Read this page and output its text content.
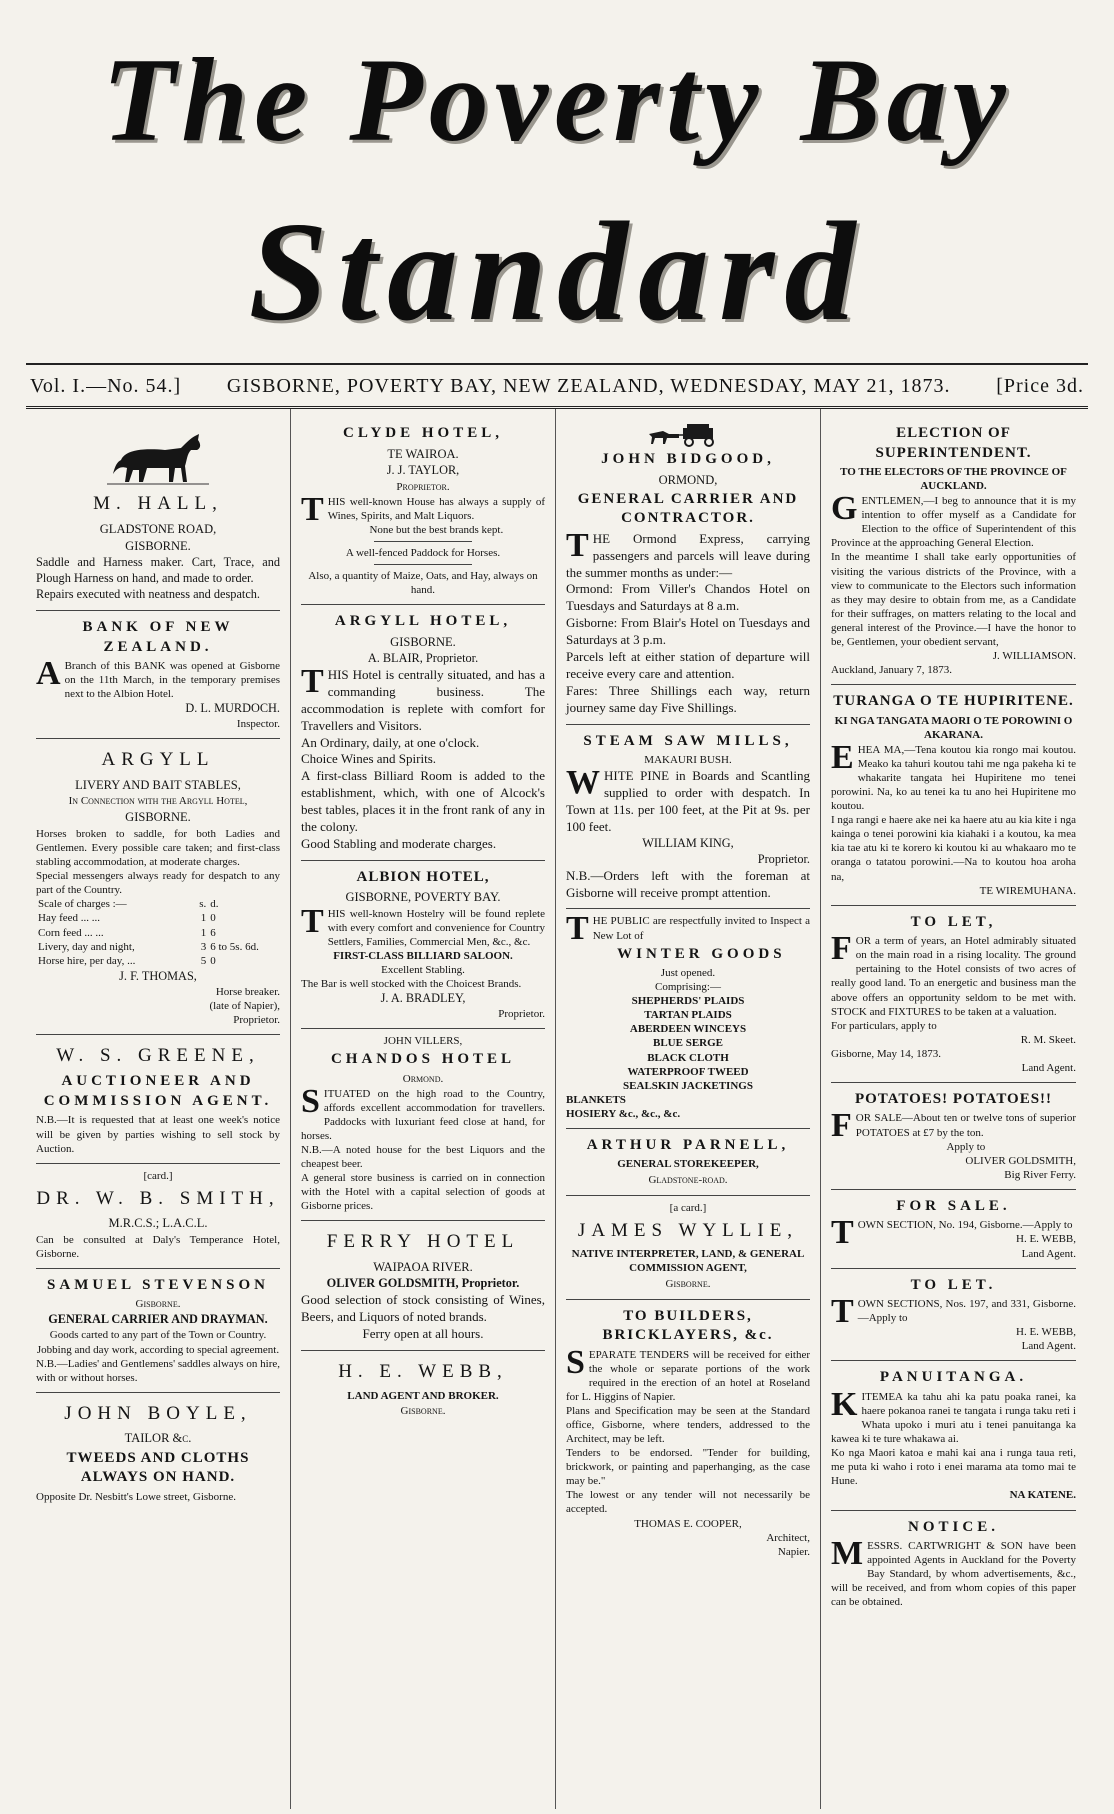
The Poverty Bay
Standard
Vol. I.—No. 54.]	GISBORNE, POVERTY BAY, NEW ZEALAND, WEDNESDAY, MAY 21, 1873.	[Price 3d.
M. HALL,
GLADSTONE ROAD,
GISBORNE.

Saddle and Harness maker. Cart, Trace, and Plough Harness on hand, and made to order.

Repairs executed with neatness and despatch.

BANK OF NEW ZEALAND.

ABranch of this BANK was opened at Gisborne on the 11th March, in the temporary premises next to the Albion Hotel.

D. L. MURDOCH.
Inspector.
ARGYLL
LIVERY AND BAIT STABLES,
In Connection with the Argyll Hotel,
GISBORNE.

Horses broken to saddle, for both Ladies and Gentlemen. Every possible care taken; and first-class stabling accommodation, at moderate charges.

Special messengers always ready for despatch to any part of the Country.

Scale of charges :—	s.	d.
Hay feed ... ...	1	0
Corn feed ... ...	1	6
Livery, day and night,	3	6 to 5s. 6d.
Horse hire, per day, ...	5	0
J. F. THOMAS,
Horse breaker.
(late of Napier),
Proprietor.
W. S. GREENE,
AUCTIONEER AND COMMISSION AGENT.

N.B.—It is requested that at least one week's notice will be given by parties wishing to sell stock by Auction.

[card.]
DR. W. B. SMITH,
M.R.C.S.; L.A.C.L.

Can be consulted at Daly's Temperance Hotel, Gisborne.

SAMUEL STEVENSON
Gisborne.
GENERAL CARRIER AND DRAYMAN.

Goods carted to any part of the Town or Country.

Jobbing and day work, according to special agreement.

N.B.—Ladies' and Gentlemens' saddles always on hire, with or without horses.

JOHN BOYLE,
TAILOR &c.
TWEEDS AND CLOTHS ALWAYS ON HAND.

Opposite Dr. Nesbitt's Lowe street, Gisborne.

CLYDE HOTEL,
TE WAIROA.
J. J. TAYLOR,
Proprietor.

THIS well-known House has always a supply of Wines, Spirits, and Malt Liquors.

None but the best brands kept.

A well-fenced Paddock for Horses.

Also, a quantity of Maize, Oats, and Hay, always on hand.

ARGYLL HOTEL,
GISBORNE.
A. BLAIR, Proprietor.

THIS Hotel is centrally situated, and has a commanding business. The accommodation is replete with comfort for Travellers and Visitors.

An Ordinary, daily, at one o'clock.

Choice Wines and Spirits.

A first-class Billiard Room is added to the establishment, which, with one of Alcock's best tables, places it in the front rank of any in the colony.

Good Stabling and moderate charges.

ALBION HOTEL,
GISBORNE, POVERTY BAY.

THIS well-known Hostelry will be found replete with every comfort and convenience for Country Settlers, Families, Commercial Men, &c., &c.

FIRST-CLASS BILLIARD SALOON.
Excellent Stabling.

The Bar is well stocked with the Choicest Brands.

J. A. BRADLEY,
Proprietor.
JOHN VILLERS,
CHANDOS HOTEL
Ormond.

SITUATED on the high road to the Country, affords excellent accommodation for travellers. Paddocks with luxuriant feed close at hand, for horses.

N.B.—A noted house for the best Liquors and the cheapest beer.

A general store business is carried on in connection with the Hotel with a capital selection of goods at Gisborne prices.

FERRY HOTEL
WAIPAOA RIVER.
OLIVER GOLDSMITH, Proprietor.

Good selection of stock consisting of Wines, Beers, and Liquors of noted brands.

Ferry open at all hours.

H. E. WEBB,
LAND AGENT AND BROKER.
Gisborne.
JOHN BIDGOOD,
ORMOND,
GENERAL CARRIER AND CONTRACTOR.

THE Ormond Express, carrying passengers and parcels will leave during the summer months as under:—

Ormond: From Viller's Chandos Hotel on Tuesdays and Saturdays at 8 a.m.

Gisborne: From Blair's Hotel on Tuesdays and Saturdays at 3 p.m.

Parcels left at either station of departure will receive every care and attention.

Fares: Three Shillings each way, return journey same day Five Shillings.

STEAM SAW MILLS,
MAKAURI BUSH.

WHITE PINE in Boards and Scantling supplied to order with despatch. In Town at 11s. per 100 feet, at the Pit at 9s. per 100 feet.

WILLIAM KING,
Proprietor.

N.B.—Orders left with the foreman at Gisborne will receive prompt attention.

THE PUBLIC are respectfully invited to Inspect a New Lot of

WINTER GOODS
Just opened.
Comprising:—
SHEPHERDS' PLAIDS
TARTAN PLAIDS
ABERDEEN WINCEYS
BLUE SERGE
BLACK CLOTH
WATERPROOF TWEED
SEALSKIN JACKETINGS
BLANKETS
HOSIERY &c., &c., &c.
ARTHUR PARNELL,
GENERAL STOREKEEPER,
Gladstone-road.
[a card.]
JAMES WYLLIE,
NATIVE INTERPRETER, LAND, & GENERAL COMMISSION AGENT,
Gisborne.
TO BUILDERS, BRICKLAYERS, &c.

SEPARATE TENDERS will be received for either the whole or separate portions of the work required in the erection of an hotel at Roseland for L. Higgins of Napier.

Plans and Specification may be seen at the Standard office, Gisborne, where tenders, addressed to the Architect, may be left.

Tenders to be endorsed. "Tender for building, brickwork, or painting and paperhanging, as the case may be."

The lowest or any tender will not necessarily be accepted.

THOMAS E. COOPER,
Architect,
Napier.
ELECTION OF SUPERINTENDENT.
TO THE ELECTORS OF THE PROVINCE OF AUCKLAND.

GENTLEMEN,—I beg to announce that it is my intention to offer myself as a Candidate for Election to the office of Superintendent of this Province at the approaching General Election.

In the meantime I shall take early opportunities of visiting the various districts of the Province, with a view to communicate to the Electors such information as they may desire to obtain from me, as a Candidate for their suffrages, on matters relating to the local and general interest of the Province.—I have the honor to be, Gentlemen, your obedient servant,

J. WILLIAMSON.
Auckland, January 7, 1873.
TURANGA O TE HUPIRITENE.
KI NGA TANGATA MAORI O TE POROWINI O AKARANA.

EHEA MA,—Tena koutou kia rongo mai koutou. Meako ka tahuri koutou tahi me nga pakeha ki te whakarite tangata hei Hupiritene mo tenei porowini. Na, ko au tenei ka tu ano hei Hupiritene mo koutou.

I nga rangi e haere ake nei ka haere atu au kia kite i nga kainga o tenei porowini kia kiahaki i a koutou, ka mea kia tae atu ki te korero ki koutou ki au whakaaro mo te oranga o tatatou porowini.—Na to koutou hoa aroha na,

TE WIREMUHANA.
TO LET,

FOR a term of years, an Hotel admirably situated on the main road in a rising locality. The ground pertaining to the Hotel consists of two acres of really good land. To an energetic and business man the above offers an opportunity seldom to be met with. STOCK and FIXTURES to be taken at a valuation.

For particulars, apply to
R. M. Skeet.
Gisborne, May 14, 1873.
Land Agent.
POTATOES! POTATOES!!

FOR SALE—About ten or twelve tons of superior POTATOES at £7 by the ton.

Apply to
OLIVER GOLDSMITH,
Big River Ferry.
FOR SALE.

TOWN SECTION, No. 194, Gisborne.—Apply to

H. E. WEBB,
Land Agent.
TO LET.

TOWN SECTIONS, Nos. 197, and 331, Gisborne.—Apply to

H. E. WEBB,
Land Agent.
PANUITANGA.

KITEMEA ka tahu ahi ka patu poaka ranei, ka haere pokanoa ranei te tangata i runga taku reti i Whata upoko i muri atu i tenei panuitanga ka kawea ki te ture whakawa ai.

Ko nga Maori katoa e mahi kai ana i runga taua reti, me puta ki waho i roto i enei marama ata tomo mai te Hune.

NA KATENE.
NOTICE.

MESSRS. CARTWRIGHT & SON have been appointed Agents in Auckland for the Poverty Bay Standard, by whom advertisements, &c., will be received, and from whom copies of this paper can be obtained.
